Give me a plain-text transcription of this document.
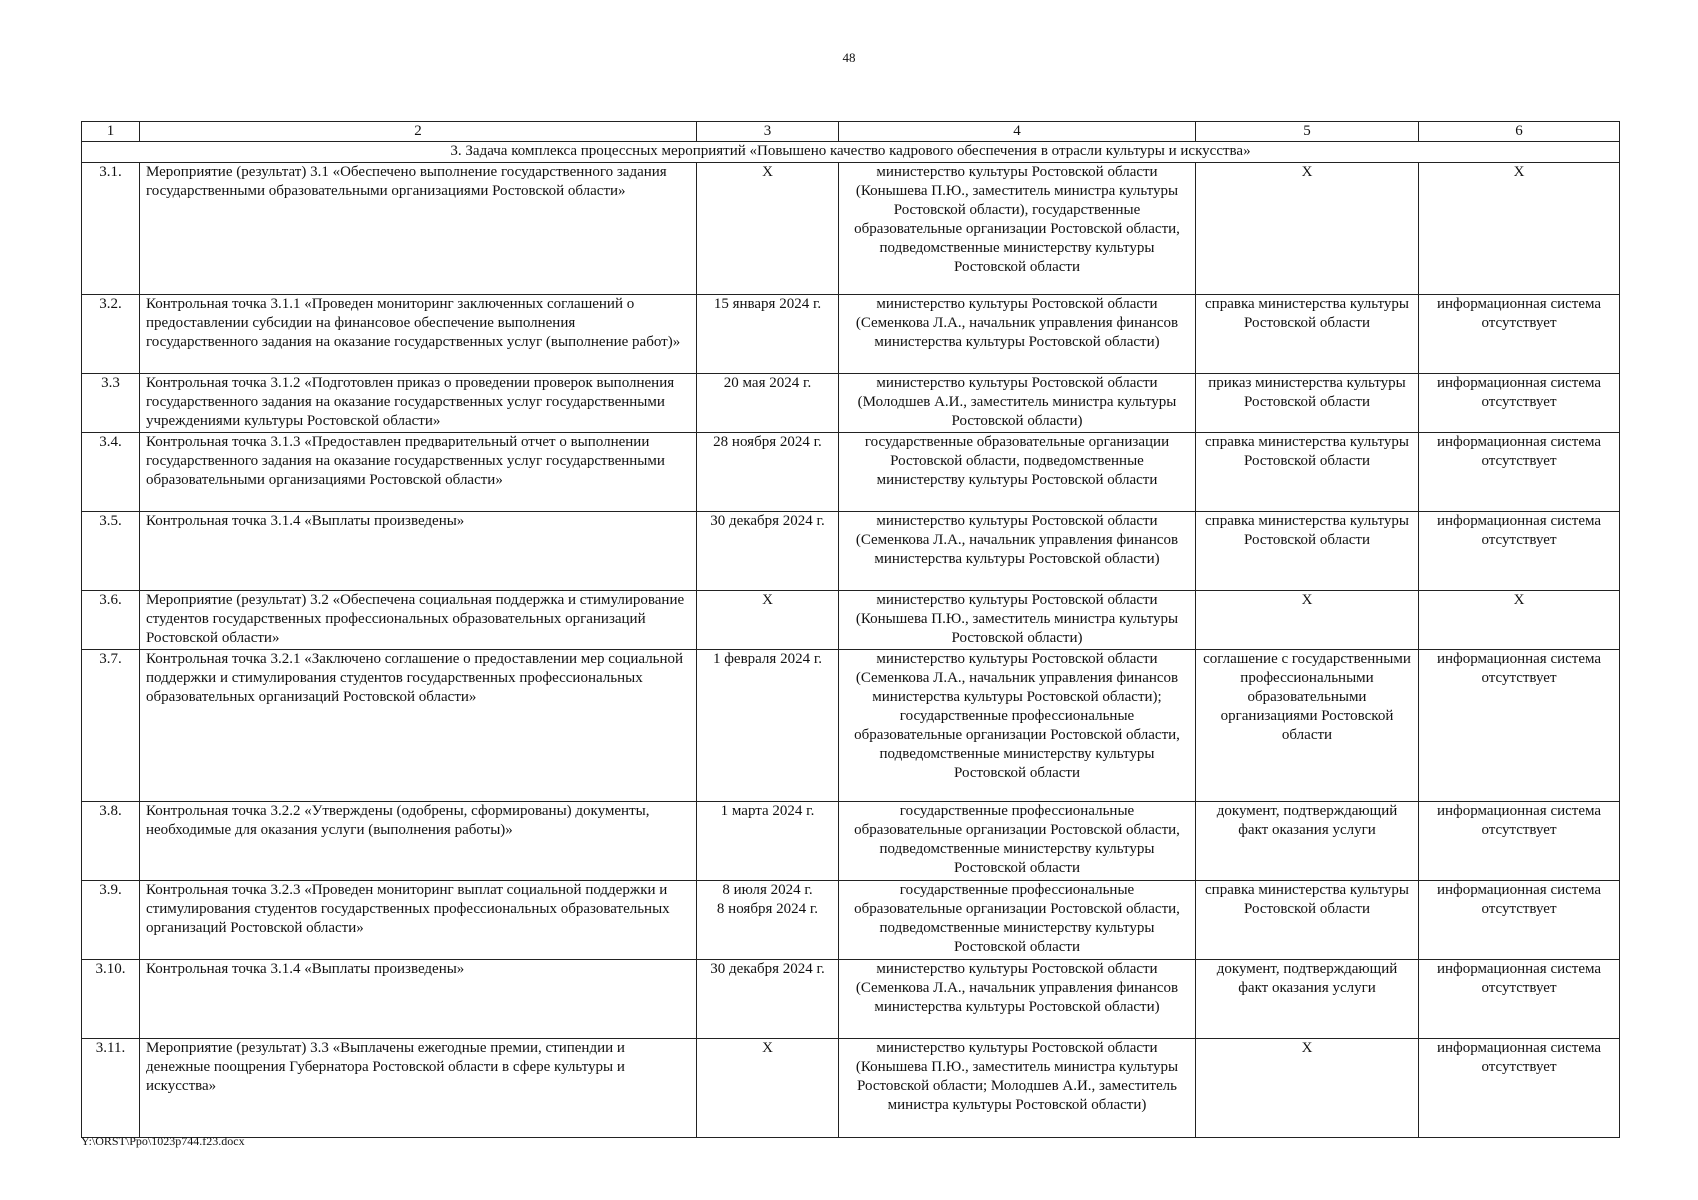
48
1	2	3	4	5	6
3. Задача комплекса процессных мероприятий «Повышено качество кадрового обеспечения в отрасли культуры и искусства»					
3.1.	Мероприятие (результат) 3.1 «Обеспечено выполнение государственного задания государственными образовательными организациями Ростовской области»	Х	министерство культуры Ростовской области (Конышева П.Ю., заместитель министра культуры Ростовской области), государственные образовательные организации Ростовской области, подведомственные министерству культуры Ростовской области	Х	Х
3.2.	Контрольная точка 3.1.1 «Проведен мониторинг заключенных соглашений о предоставлении субсидии на финансовое обеспечение выполнения государственного задания на оказание государственных услуг (выполнение работ)»	15 января 2024 г.	министерство культуры Ростовской области (Семенкова Л.А., начальник управления финансов министерства культуры Ростовской области)	справка министерства культуры Ростовской области	информационная система отсутствует
3.3	Контрольная точка 3.1.2 «Подготовлен приказ о проведении проверок выполнения государственного задания на оказание государственных услуг государственными учреждениями культуры Ростовской области»	20 мая 2024 г.	министерство культуры Ростовской области (Молодшев А.И., заместитель министра культуры Ростовской области)	приказ министерства культуры Ростовской области	информационная система отсутствует
3.4.	Контрольная точка 3.1.3 «Предоставлен предварительный отчет о выполнении государственного задания на оказание государственных услуг государственными образовательными организациями Ростовской области»	28 ноября 2024 г.	государственные образовательные организации Ростовской области, подведомственные министерству культуры Ростовской области	справка министерства культуры Ростовской области	информационная система отсутствует
3.5.	Контрольная точка 3.1.4 «Выплаты произведены»	30 декабря 2024 г.	министерство культуры Ростовской области (Семенкова Л.А., начальник управления финансов министерства культуры Ростовской области)	справка министерства культуры Ростовской области	информационная система отсутствует
3.6.	Мероприятие (результат) 3.2 «Обеспечена социальная поддержка и стимулирование студентов государственных профессиональных образовательных организаций Ростовской области»	Х	министерство культуры Ростовской области (Конышева П.Ю., заместитель министра культуры Ростовской области)	Х	Х
3.7.	Контрольная точка 3.2.1 «Заключено соглашение о предоставлении мер социальной поддержки и стимулирования студентов государственных профессиональных образовательных организаций Ростовской области»	1 февраля 2024 г.	министерство культуры Ростовской области (Семенкова Л.А., начальник управления финансов министерства культуры Ростовской области); государственные профессиональные образовательные организации Ростовской области, подведомственные министерству культуры Ростовской области	соглашение с государственными профессиональными образовательными организациями Ростовской области	информационная система отсутствует
3.8.	Контрольная точка 3.2.2 «Утверждены (одобрены, сформированы) документы, необходимые для оказания услуги (выполнения работы)»	1 марта 2024 г.	государственные профессиональные образовательные организации Ростовской области, подведомственные министерству культуры Ростовской области	документ, подтверждающий факт оказания услуги	информационная система отсутствует
3.9.	Контрольная точка 3.2.3 «Проведен мониторинг выплат социальной поддержки и стимулирования студентов государственных профессиональных образовательных организаций Ростовской области»	8 июля 2024 г.
8 ноября 2024 г.	государственные профессиональные образовательные организации Ростовской области, подведомственные министерству культуры Ростовской области	справка министерства культуры Ростовской области	информационная система отсутствует
3.10.	Контрольная точка 3.1.4 «Выплаты произведены»	30 декабря 2024 г.	министерство культуры Ростовской области (Семенкова Л.А., начальник управления финансов министерства культуры Ростовской области)	документ, подтверждающий факт оказания услуги	информационная система отсутствует
3.11.	Мероприятие (результат) 3.3 «Выплачены ежегодные премии, стипендии и денежные поощрения Губернатора Ростовской области в сфере культуры и искусства»	Х	министерство культуры Ростовской области (Конышева П.Ю., заместитель министра культуры Ростовской области; Молодшев А.И., заместитель министра культуры Ростовской области)	Х	информационная система отсутствует
Y:\ORST\Ppo\1023p744.f23.docx
